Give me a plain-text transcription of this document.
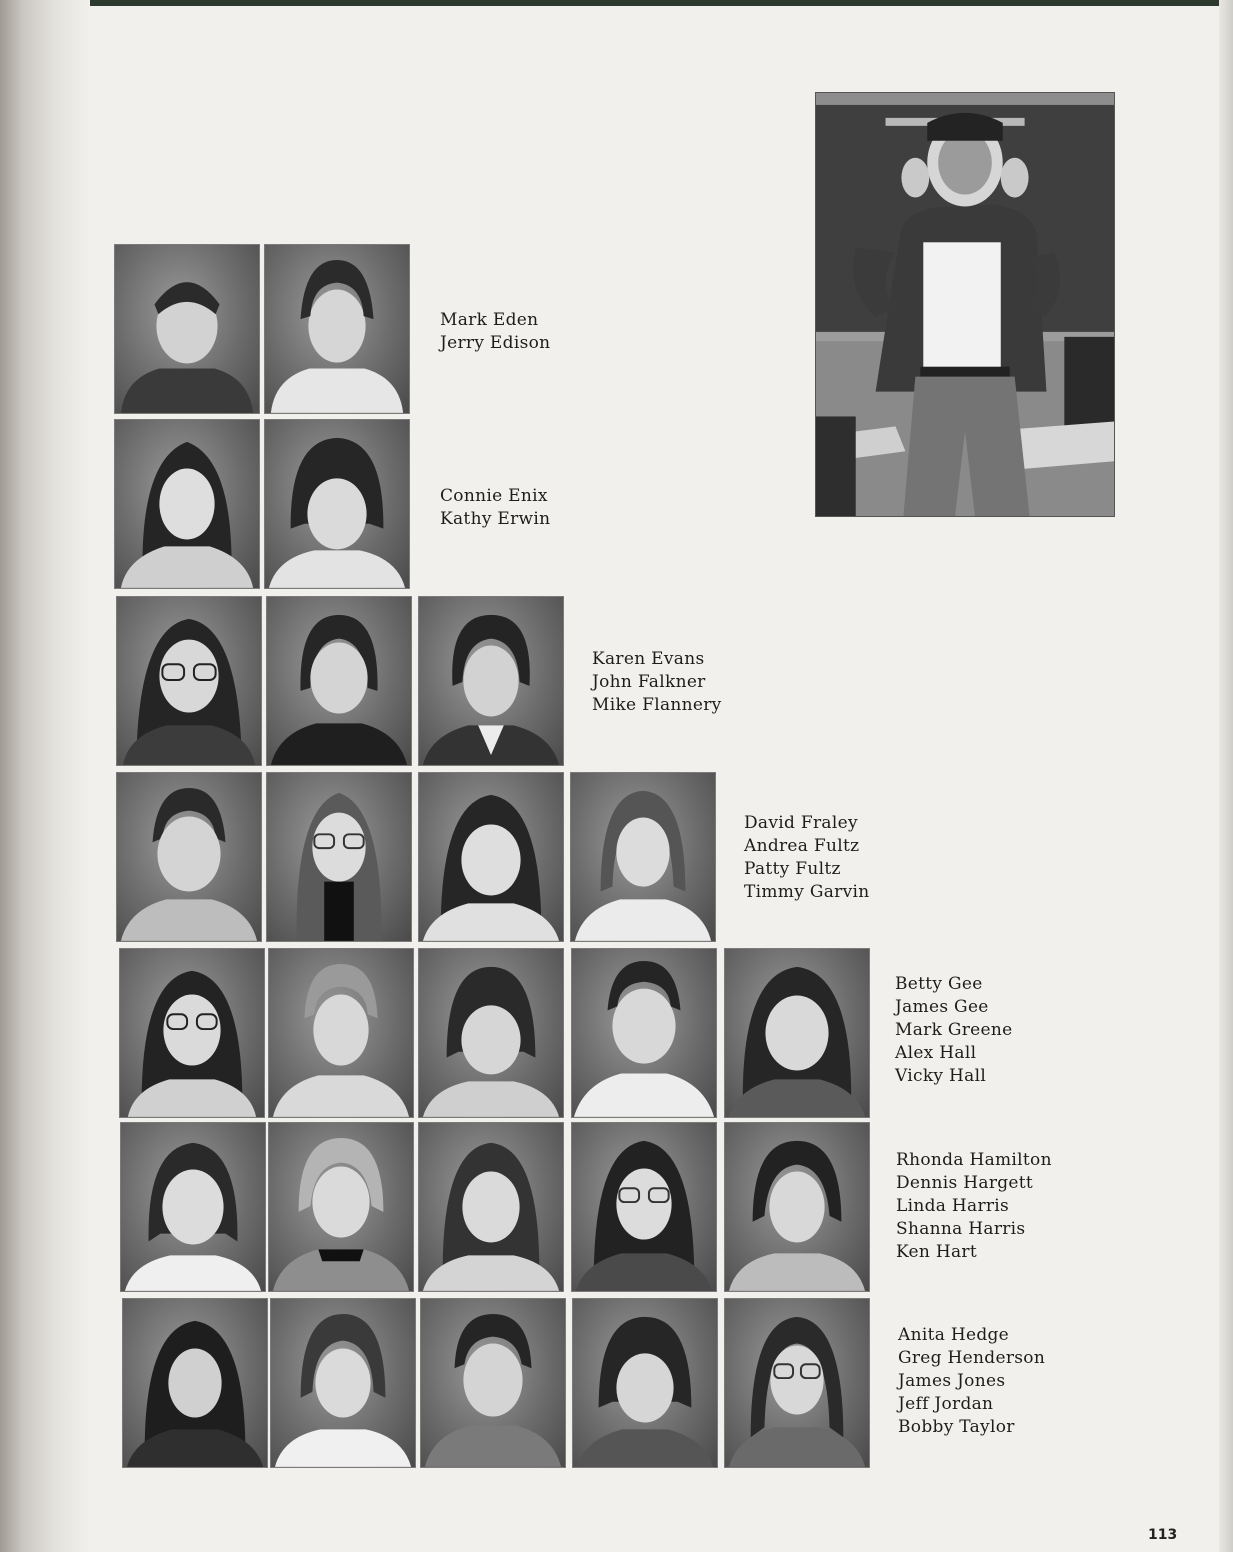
Mark Eden
Jerry Edison
Connie Enix
Kathy Erwin
Karen Evans
John Falkner
Mike Flannery
David Fraley
Andrea Fultz
Patty Fultz
Timmy Garvin
Betty Gee
James Gee
Mark Greene
Alex Hall
Vicky Hall
Rhonda Hamilton
Dennis Hargett
Linda Harris
Shanna Harris
Ken Hart
Anita Hedge
Greg Henderson
James Jones
Jeff Jordan
Bobby Taylor
113
